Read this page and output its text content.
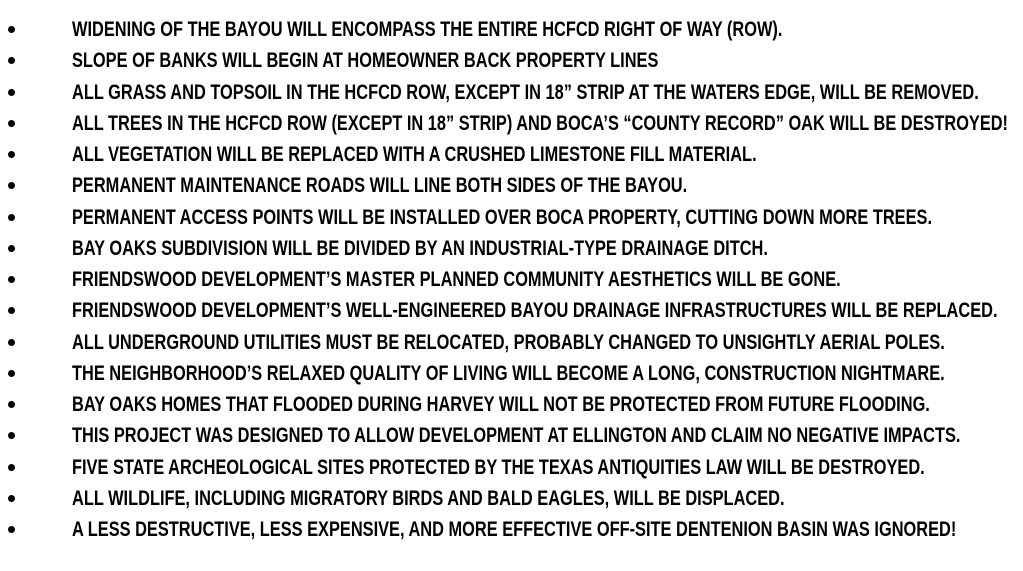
WIDENING OF THE BAYOU WILL ENCOMPASS THE ENTIRE HCFCD RIGHT OF WAY (ROW).
SLOPE OF BANKS WILL BEGIN AT HOMEOWNER BACK PROPERTY LINES
ALL GRASS AND TOPSOIL IN THE HCFCD ROW, EXCEPT IN 18” STRIP AT THE WATERS EDGE, WILL BE REMOVED.
ALL TREES IN THE HCFCD ROW (EXCEPT IN 18” STRIP) AND BOCA’S “COUNTY RECORD” OAK WILL BE DESTROYED!
ALL VEGETATION WILL BE REPLACED WITH A CRUSHED LIMESTONE FILL MATERIAL.
PERMANENT MAINTENANCE ROADS WILL LINE BOTH SIDES OF THE BAYOU.
PERMANENT ACCESS POINTS WILL BE INSTALLED OVER BOCA PROPERTY, CUTTING DOWN MORE TREES.
BAY OAKS SUBDIVISION WILL BE DIVIDED BY AN INDUSTRIAL-TYPE DRAINAGE DITCH.
FRIENDSWOOD DEVELOPMENT’S MASTER PLANNED COMMUNITY AESTHETICS WILL BE GONE.
FRIENDSWOOD DEVELOPMENT’S WELL-ENGINEERED BAYOU DRAINAGE INFRASTRUCTURES WILL BE REPLACED.
ALL UNDERGROUND UTILITIES MUST BE RELOCATED, PROBABLY CHANGED TO UNSIGHTLY AERIAL POLES.
THE NEIGHBORHOOD’S RELAXED QUALITY OF LIVING WILL BECOME A LONG, CONSTRUCTION NIGHTMARE.
BAY OAKS HOMES THAT FLOODED DURING HARVEY WILL NOT BE PROTECTED FROM FUTURE FLOODING.
THIS PROJECT WAS DESIGNED TO ALLOW DEVELOPMENT AT ELLINGTON AND CLAIM NO NEGATIVE IMPACTS.
FIVE STATE ARCHEOLOGICAL SITES PROTECTED BY THE TEXAS ANTIQUITIES LAW WILL BE DESTROYED.
ALL WILDLIFE, INCLUDING MIGRATORY BIRDS AND BALD EAGLES, WILL BE DISPLACED.
A LESS DESTRUCTIVE, LESS EXPENSIVE, AND MORE EFFECTIVE OFF-SITE DENTENION BASIN WAS IGNORED!
